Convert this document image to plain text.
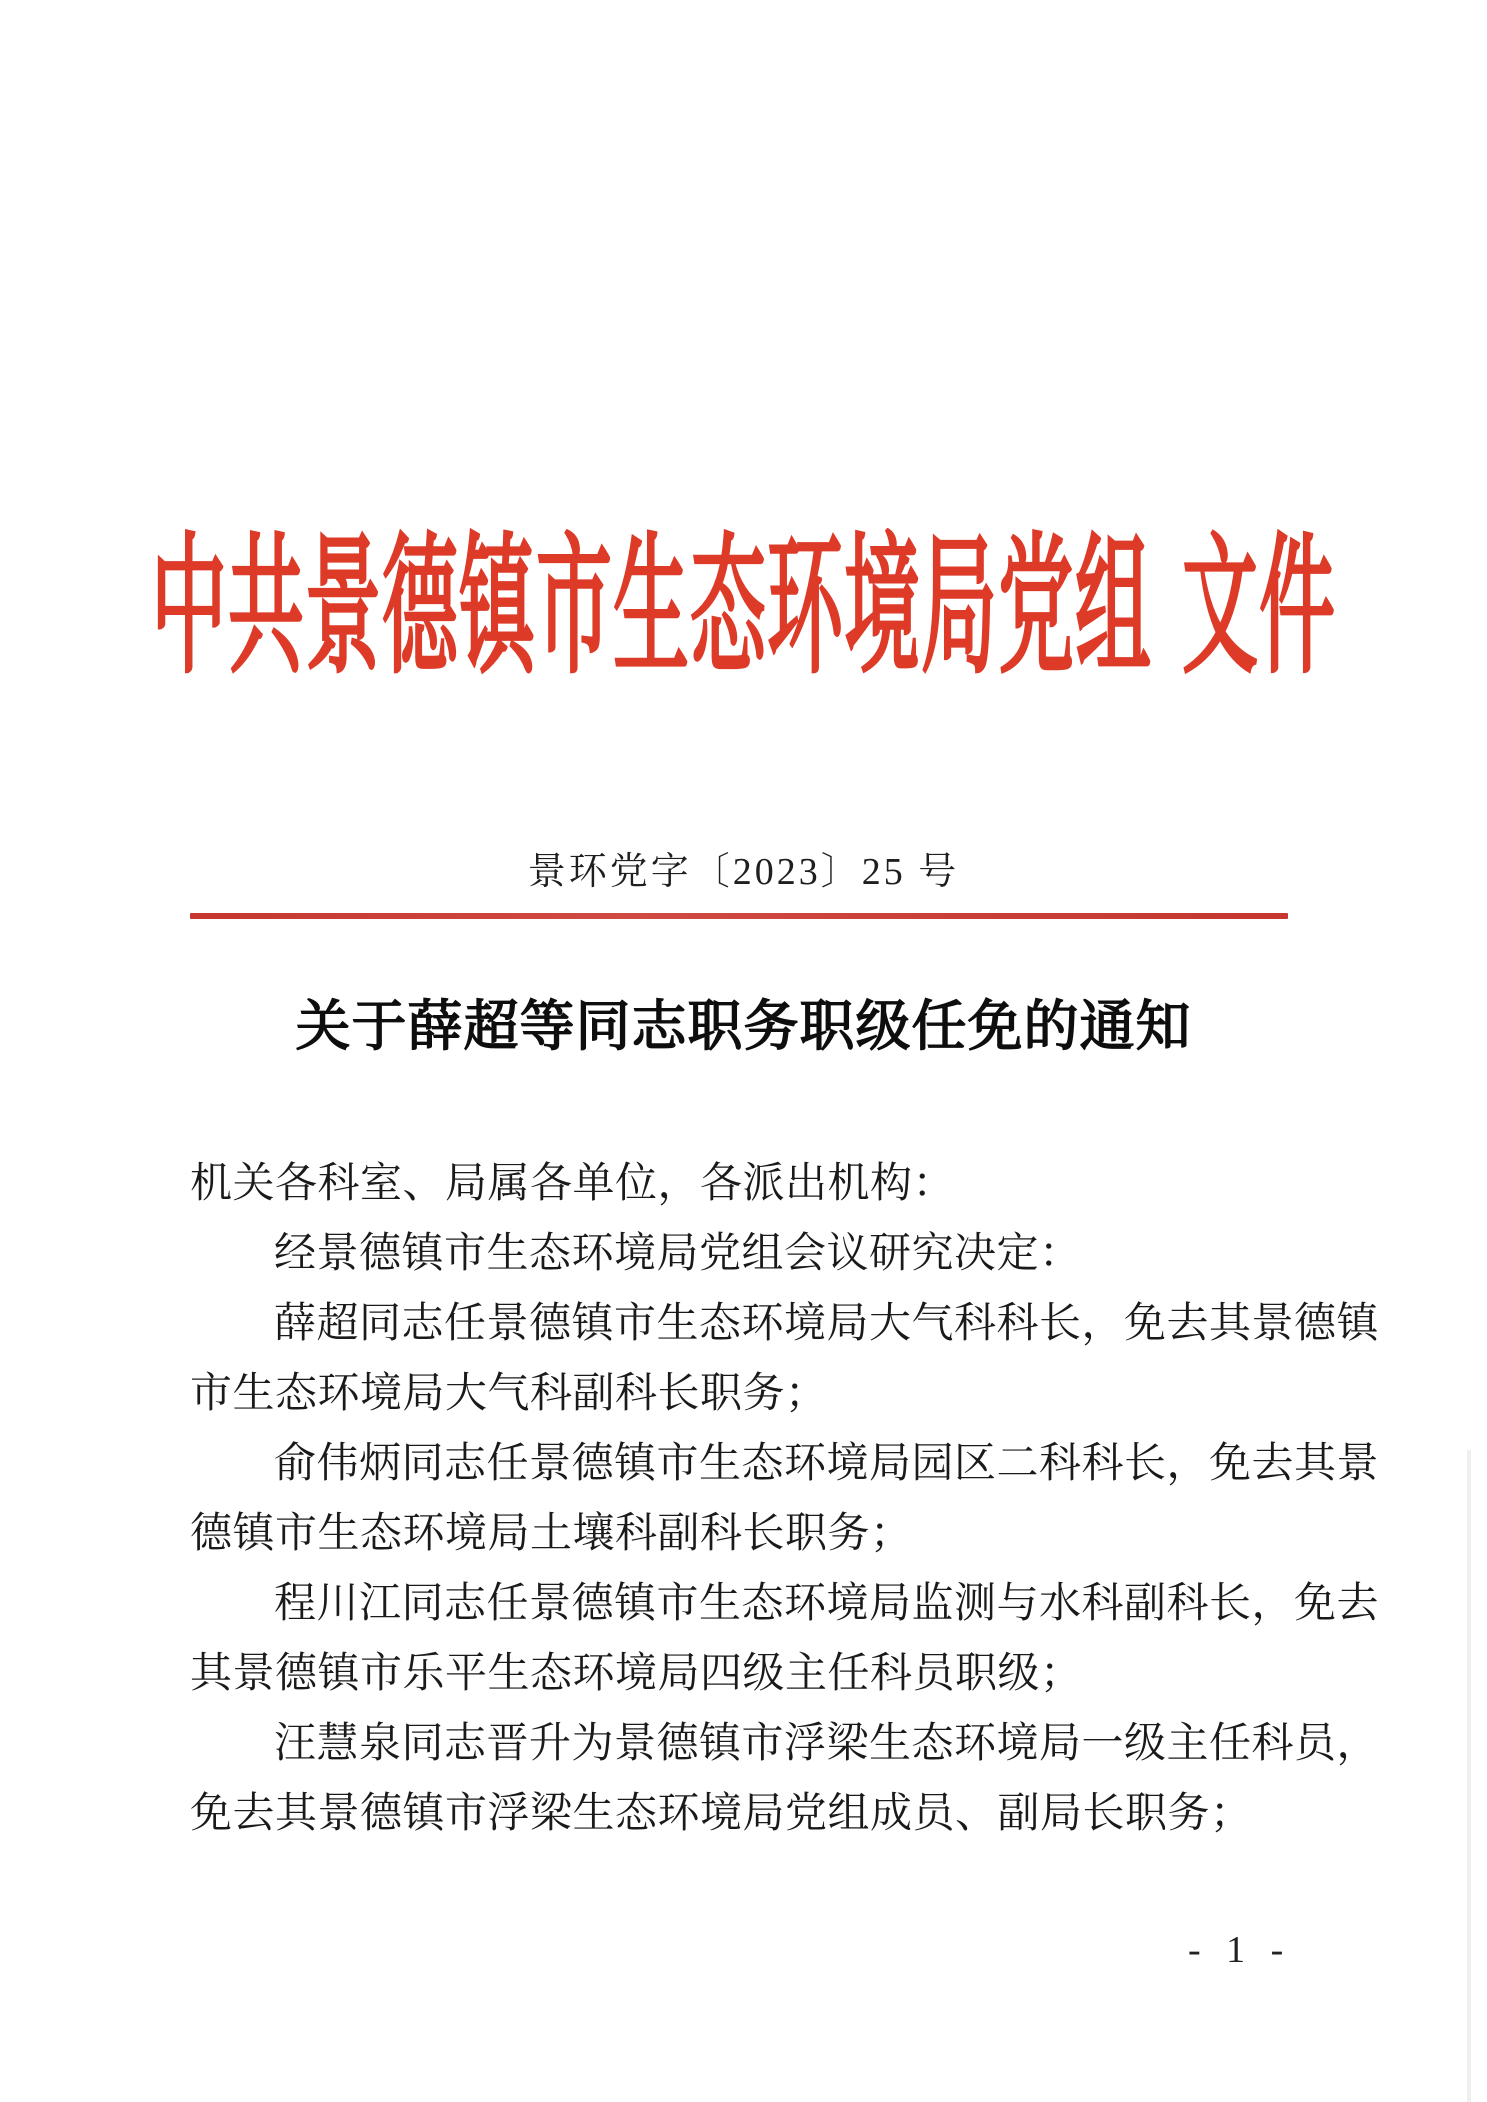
中共景德镇市生态环境局党组 文件
景环党字〔2023〕25 号
关于薛超等同志职务职级任免的通知
机关各科室、局属各单位，各派出机构：
经景德镇市生态环境局党组会议研究决定：
薛超同志任景德镇市生态环境局大气科科长，免去其景德镇
市生态环境局大气科副科长职务；
俞伟炳同志任景德镇市生态环境局园区二科科长，免去其景
德镇市生态环境局土壤科副科长职务；
程川江同志任景德镇市生态环境局监测与水科副科长，免去
其景德镇市乐平生态环境局四级主任科员职级；
汪慧泉同志晋升为景德镇市浮梁生态环境局一级主任科员，
免去其景德镇市浮梁生态环境局党组成员、副局长职务；
- 1 -
